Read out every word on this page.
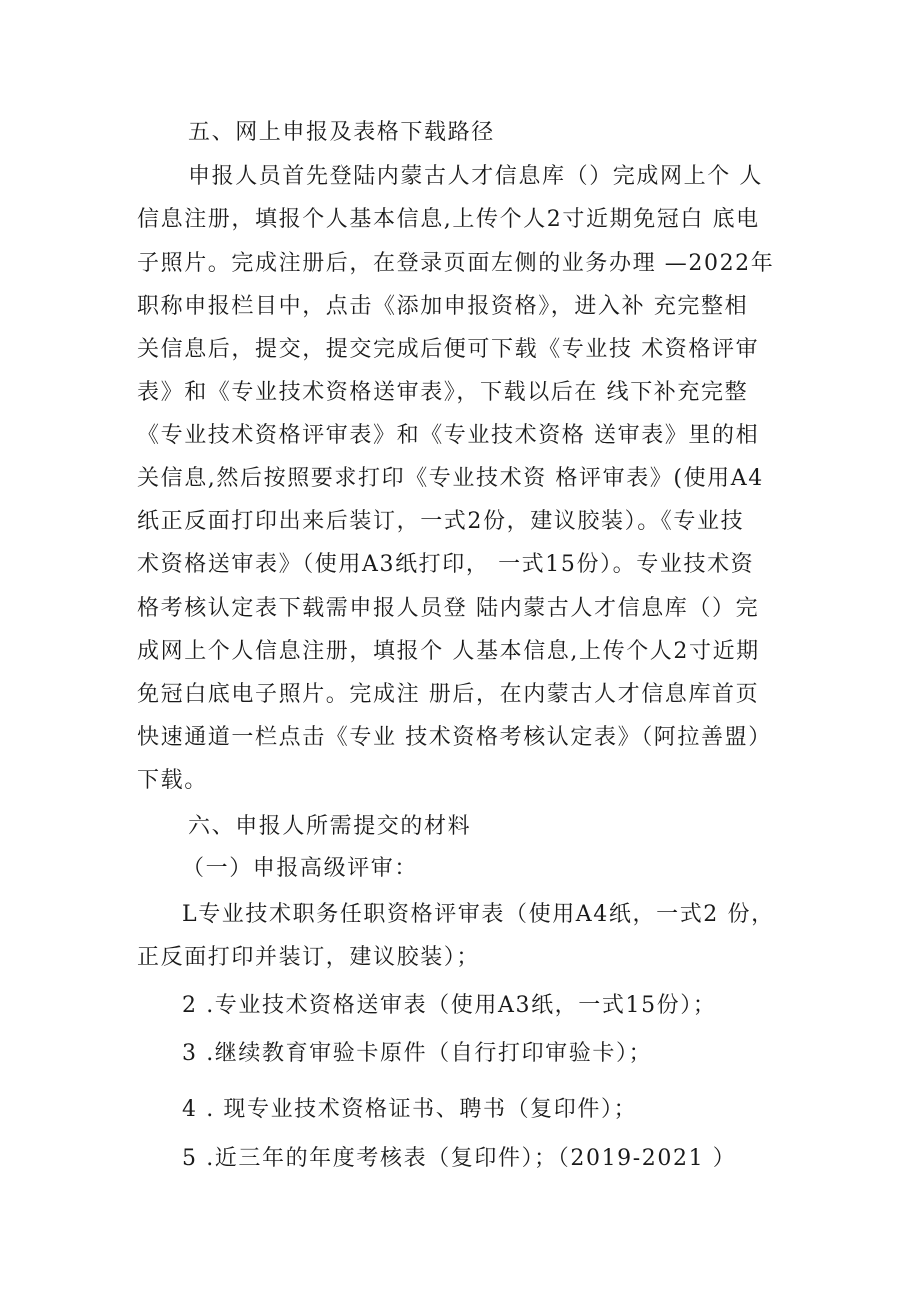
五、网上申报及表格下载路径
申报人员首先登陆内蒙古人才信息库（）完成网上个 人
信息注册，填报个人基本信息,上传个人2寸近期免冠白 底电
子照片。完成注册后，在登录页面左侧的业务办理 —2022年
职称申报栏目中，点击《添加申报资格》，进入补 充完整相
关信息后，提交，提交完成后便可下载《专业技 术资格评审
表》和《专业技术资格送审表》，下载以后在 线下补充完整
《专业技术资格评审表》和《专业技术资格 送审表》里的相
关信息,然后按照要求打印《专业技术资 格评审表》(使用A4
纸正反面打印出来后装订，一式2份，建议胶装）。《专业技
术资格送审表》（使用A3纸打印， 一式15份）。专业技术资
格考核认定表下载需申报人员登 陆内蒙古人才信息库（）完
成网上个人信息注册，填报个 人基本信息,上传个人2寸近期
免冠白底电子照片。完成注 册后，在内蒙古人才信息库首页
快速通道一栏点击《专业 技术资格考核认定表》（阿拉善盟）
下载。
六、申报人所需提交的材料
（一）申报高级评审：
L专业技术职务任职资格评审表（使用A4纸，一式2 份，
正反面打印并装订，建议胶装）；
2 .专业技术资格送审表（使用A3纸，一式15份）；
3 .继续教育审验卡原件（自行打印审验卡）；
4 . 现专业技术资格证书、聘书（复印件）；
5 .近三年的年度考核表（复印件）；（2019-2021 ）
